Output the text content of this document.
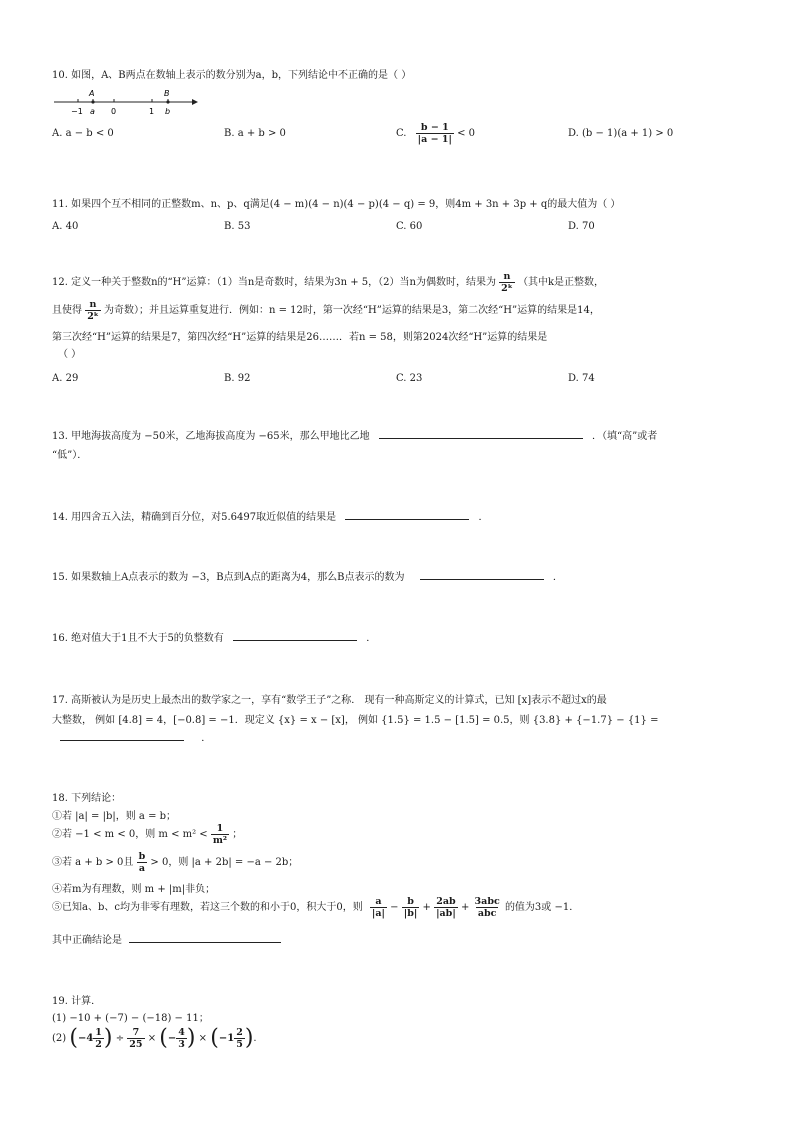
10. 如图，A、B两点在数轴上表示的数分别为a，b，下列结论中不正确的是（ ）
A	B
−1 a 0	1 b
A. a − b < 0	B. a + b > 0	C. $\frac{b - 1}{|a - 1|} < 0$	D. (b − 1)(a + 1) > 0
11. 如果四个互不相同的正整数m、n、p、q满足(4 − m)(4 − n)(4 − p)(4 − q) = 9，则4m + 3n + 3p + q的最大值为（ ）
A. 40	B. 53	C. 60	D. 70
12. 定义一种关于整数n的“H”运算：（1）当n是奇数时，结果为3n + 5，（2）当n为偶数时，结果为 $\frac{n}{\text{2ᵏ}}$ （其中k是正整数，
且使得 $\frac{n}{\text{2ᵏ}}$ 为奇数）；并且运算重复进行．例如：n = 12时，第一次经“H”运算的结果是3，第二次经“H”运算的结果是14，
第三次经“H”运算的结果是7，第四次经“H”运算的结果是26……．若n = 58，则第2024次经“H”运算的结果是
（ ）
A. 29	B. 92	C. 23	D. 74
13. 甲地海拔高度为 −50米，乙地海拔高度为 −65米，那么甲地比乙地	．（填“高”或者
“低”）．
14. 用四舍五入法，精确到百分位，对5.6497取近似值的结果是	．
15. 如果数轴上A点表示的数为 −3，B点到A点的距离为4，那么B点表示的数为	．
16. 绝对值大于1且不大于5的负整数有	．
17. 高斯被认为是历史上最杰出的数学家之一，享有“数学王子”之称． 现有一种高斯定义的计算式，已知 [x]表示不超过x的最
大整数， 例如 [4.8] = 4，[−0.8] = −1．现定义 {x} = x − [x]， 例如 {1.5} = 1.5 − [1.5] = 0.5，则 {3.8} + {−1.7} − {1} =
．
18. 下列结论：
①若 |a| = |b|，则 a = b；
②若 −1 < m < 0，则 $m < m^2 < \frac{1}{\text{m²}}$ ；
③若 a + b > 0且 $\frac{b}{a} > 0$，则 |a + 2b| = −a − 2b；
④若m为有理数，则 m + |m|非负；
⑤已知a、b、c均为非零有理数，若这三个数的和小于0，积大于0，则 $\frac{a}{|a|} - \frac{b}{|b|} + \frac{2ab}{|ab|} + \frac{\text{3abc}}{\text{abc}}$ 的值为3或 −1．
其中正确结论是
19. 计算．
(1) −10 + (−7) − (−18) − 11；
(2) ($-4 \frac{1}{2}$ ) ÷ $\frac{7}{25}$ × (− $\frac{4}{3}$ ) × ($-1 \frac{2}{5}$ ).
